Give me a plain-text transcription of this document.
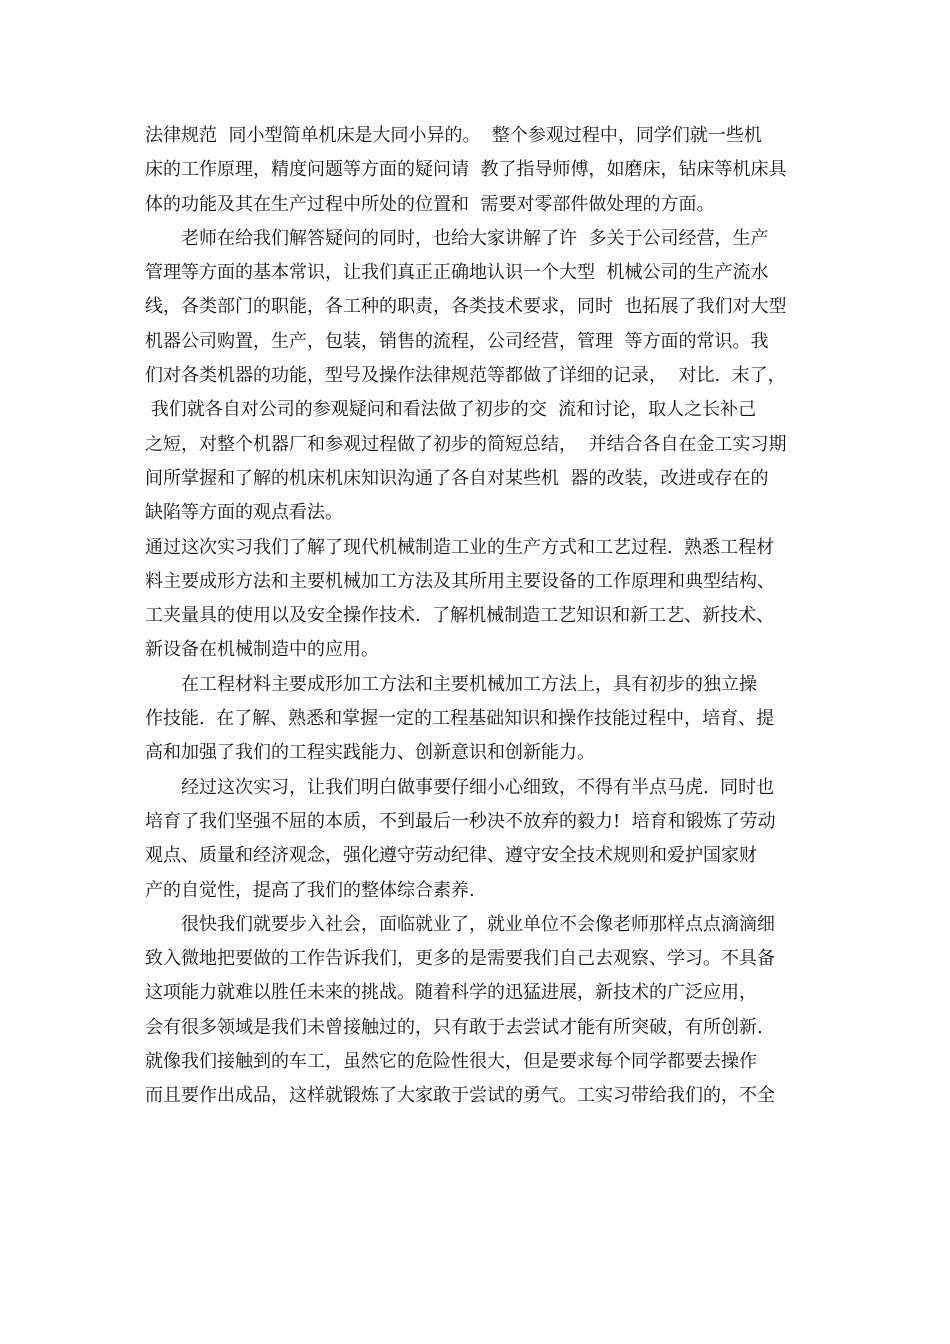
法律规范  同小型简单机床是大同小异的。  整个参观过程中，同学们就一些机
床的工作原理，精度问题等方面的疑问请  教了指导师傅，如磨床，钻床等机床具
体的功能及其在生产过程中所处的位置和  需要对零部件做处理的方面。
老师在给我们解答疑问的同时，也给大家讲解了许  多关于公司经营，生产
管理等方面的基本常识，让我们真正正确地认识一个大型  机械公司的生产流水
线，各类部门的职能，各工种的职责，各类技术要求，同时  也拓展了我们对大型
机器公司购置，生产，包装，销售的流程，公司经营，管理  等方面的常识。我
们对各类机器的功能，型号及操作法律规范等都做了详细的记录，  对比.  末了，
我们就各自对公司的参观疑问和看法做了初步的交  流和讨论，取人之长补己
之短，对整个机器厂和参观过程做了初步的简短总结，  并结合各自在金工实习期
间所掌握和了解的机床机床知识沟通了各自对某些机  器的改装，改进或存在的
缺陷等方面的观点看法。
通过这次实习我们了解了现代机械制造工业的生产方式和工艺过程.  熟悉工程材
料主要成形方法和主要机械加工方法及其所用主要设备的工作原理和典型结构、
工夹量具的使用以及安全操作技术.  了解机械制造工艺知识和新工艺、新技术、
新设备在机械制造中的应用。
在工程材料主要成形加工方法和主要机械加工方法上，具有初步的独立操
作技能.  在了解、熟悉和掌握一定的工程基础知识和操作技能过程中，培育、提
高和加强了我们的工程实践能力、创新意识和创新能力。
经过这次实习，让我们明白做事要仔细小心细致，不得有半点马虎.  同时也
培育了我们坚强不屈的本质，不到最后一秒决不放弃的毅力!  培育和锻炼了劳动
观点、质量和经济观念，强化遵守劳动纪律、遵守安全技术规则和爱护国家财
产的自觉性，提高了我们的整体综合素养.
很快我们就要步入社会，面临就业了，就业单位不会像老师那样点点滴滴细
致入微地把要做的工作告诉我们，更多的是需要我们自己去观察、学习。不具备
这项能力就难以胜任未来的挑战。随着科学的迅猛进展，新技术的广泛应用，
会有很多领域是我们未曾接触过的，只有敢于去尝试才能有所突破，有所创新.
就像我们接触到的车工，虽然它的危险性很大，但是要求每个同学都要去操作
而且要作出成品，这样就锻炼了大家敢于尝试的勇气。工实习带给我们的，不全
